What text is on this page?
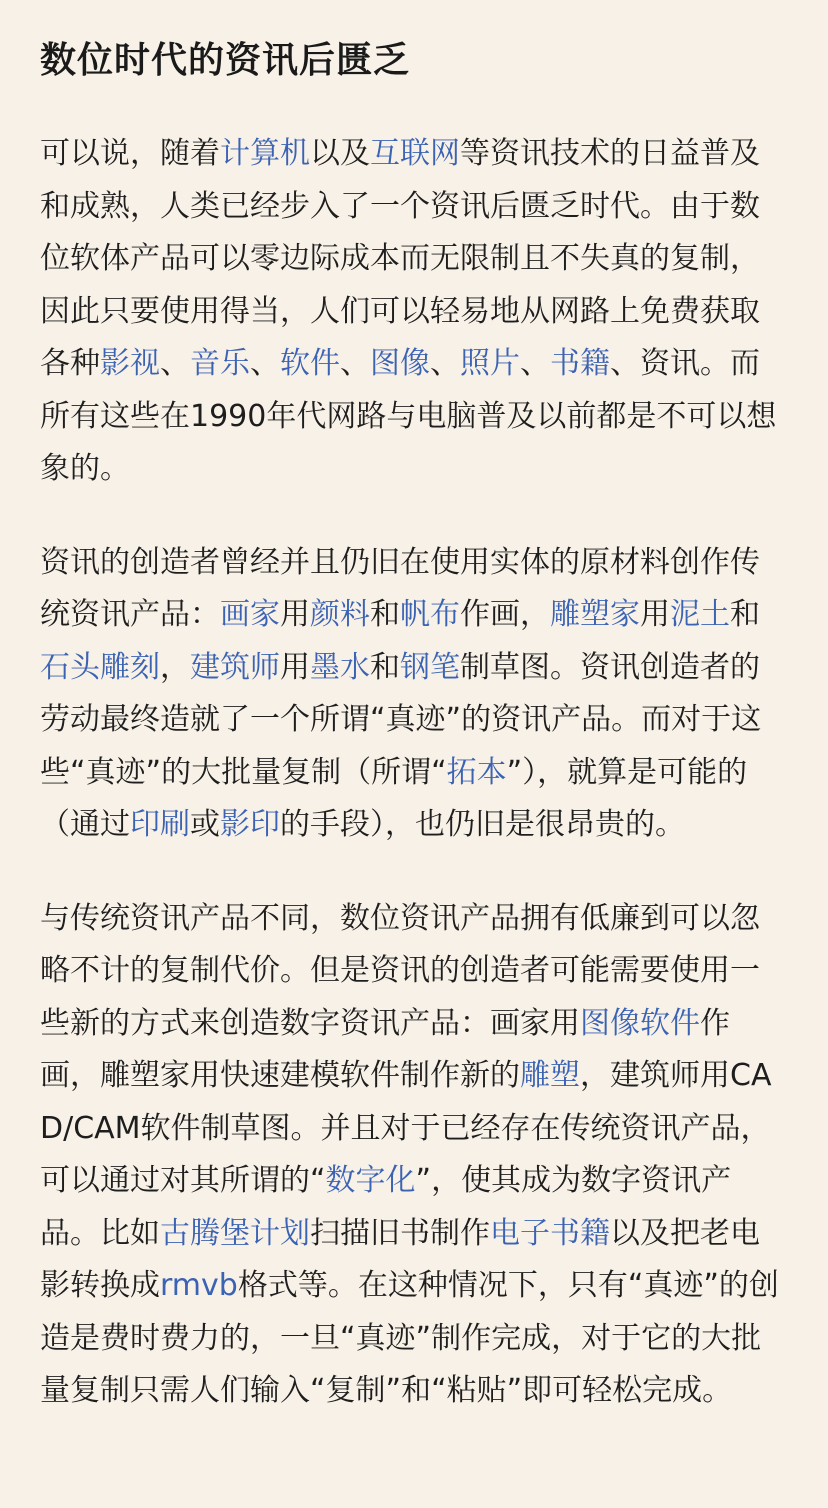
数位时代的资讯后匮乏

可以说，随着计算机以及互联网等资讯技术的日益普及和成熟，人类已经步入了一个资讯后匮乏时代。由于数位软体产品可以零边际成本而无限制且不失真的复制，因此只要使用得当，人们可以轻易地从网路上免费获取各种影视、音乐、软件、图像、照片、书籍、资讯。而所有这些在1990年代网路与电脑普及以前都是不可以想象的。

资讯的创造者曾经并且仍旧在使用实体的原材料创作传统资讯产品：画家用颜料和帆布作画，雕塑家用泥土和石头雕刻，建筑师用墨水和钢笔制草图。资讯创造者的劳动最终造就了一个所谓“真迹”的资讯产品。而对于这些“真迹”的大批量复制（所谓“拓本”），就算是可能的（通过印刷或影印的手段），也仍旧是很昂贵的。

与传统资讯产品不同，数位资讯产品拥有低廉到可以忽略不计的复制代价。但是资讯的创造者可能需要使用一些新的方式来创造数字资讯产品：画家用图像软件作画，雕塑家用快速建模软件制作新的雕塑，建筑师用CAD/CAM软件制草图。并且对于已经存在传统资讯产品，可以通过对其所谓的“数字化”，使其成为数字资讯产品。比如古腾堡计划扫描旧书制作电子书籍以及把老电影转换成rmvb格式等。在这种情况下，只有“真迹”的创造是费时费力的，一旦“真迹”制作完成，对于它的大批量复制只需人们输入“复制”和“粘贴”即可轻松完成。
